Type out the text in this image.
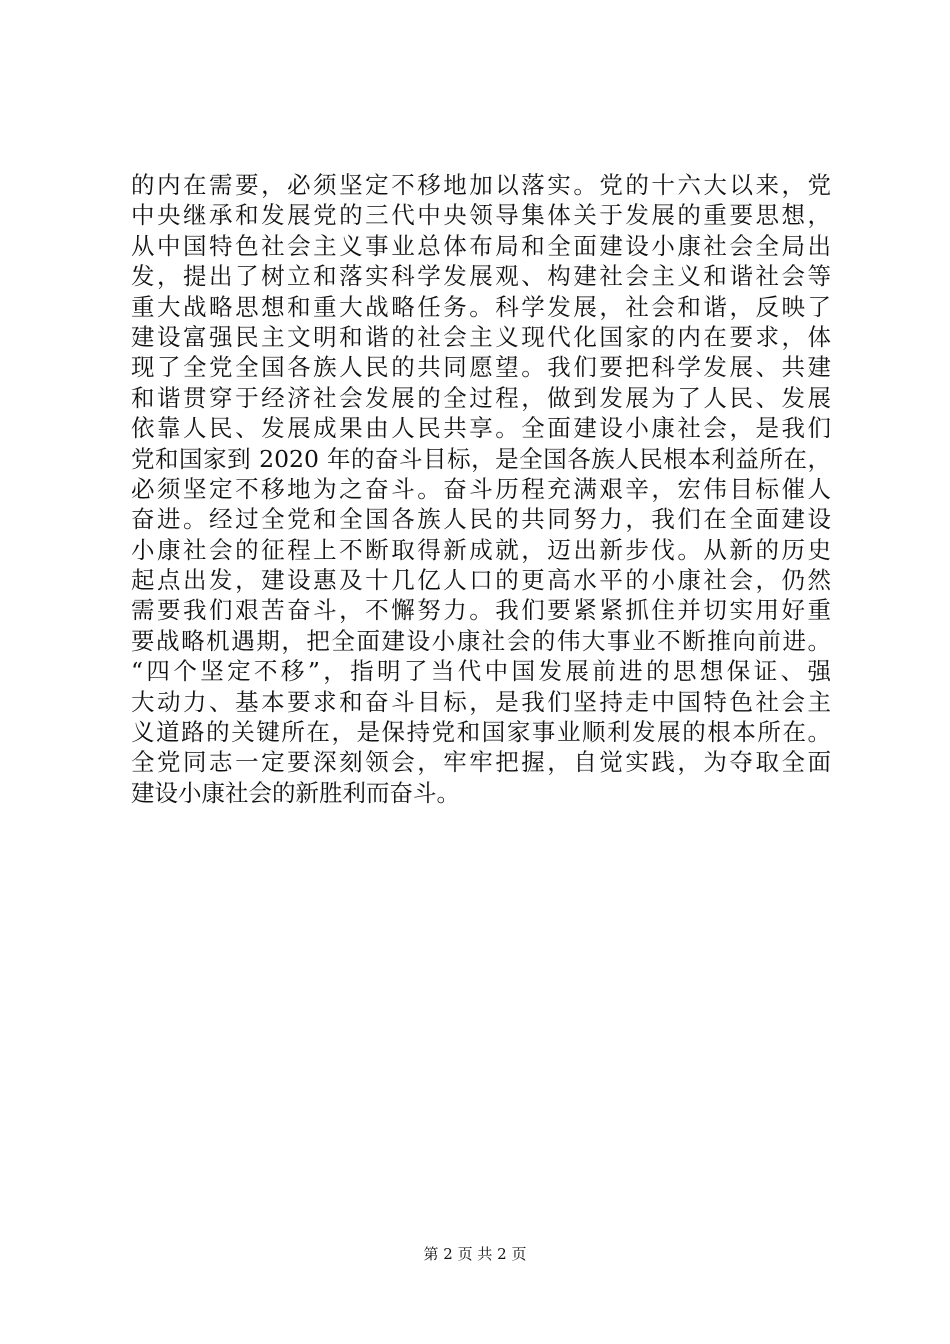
的内在需要，必须坚定不移地加以落实。党的十六大以来，党
中央继承和发展党的三代中央领导集体关于发展的重要思想，
从中国特色社会主义事业总体布局和全面建设小康社会全局出
发，提出了树立和落实科学发展观、构建社会主义和谐社会等
重大战略思想和重大战略任务。科学发展，社会和谐，反映了
建设富强民主文明和谐的社会主义现代化国家的内在要求，体
现了全党全国各族人民的共同愿望。我们要把科学发展、共建
和谐贯穿于经济社会发展的全过程，做到发展为了人民、发展
依靠人民、发展成果由人民共享。全面建设小康社会，是我们
党和国家到 2020 年的奋斗目标，是全国各族人民根本利益所在，
必须坚定不移地为之奋斗。奋斗历程充满艰辛，宏伟目标催人
奋进。经过全党和全国各族人民的共同努力，我们在全面建设
小康社会的征程上不断取得新成就，迈出新步伐。从新的历史
起点出发，建设惠及十几亿人口的更高水平的小康社会，仍然
需要我们艰苦奋斗，不懈努力。我们要紧紧抓住并切实用好重
要战略机遇期，把全面建设小康社会的伟大事业不断推向前进。
“四个坚定不移”，指明了当代中国发展前进的思想保证、强
大动力、基本要求和奋斗目标，是我们坚持走中国特色社会主
义道路的关键所在，是保持党和国家事业顺利发展的根本所在。
全党同志一定要深刻领会，牢牢把握，自觉实践，为夺取全面
建设小康社会的新胜利而奋斗。
第 2 页 共 2 页
